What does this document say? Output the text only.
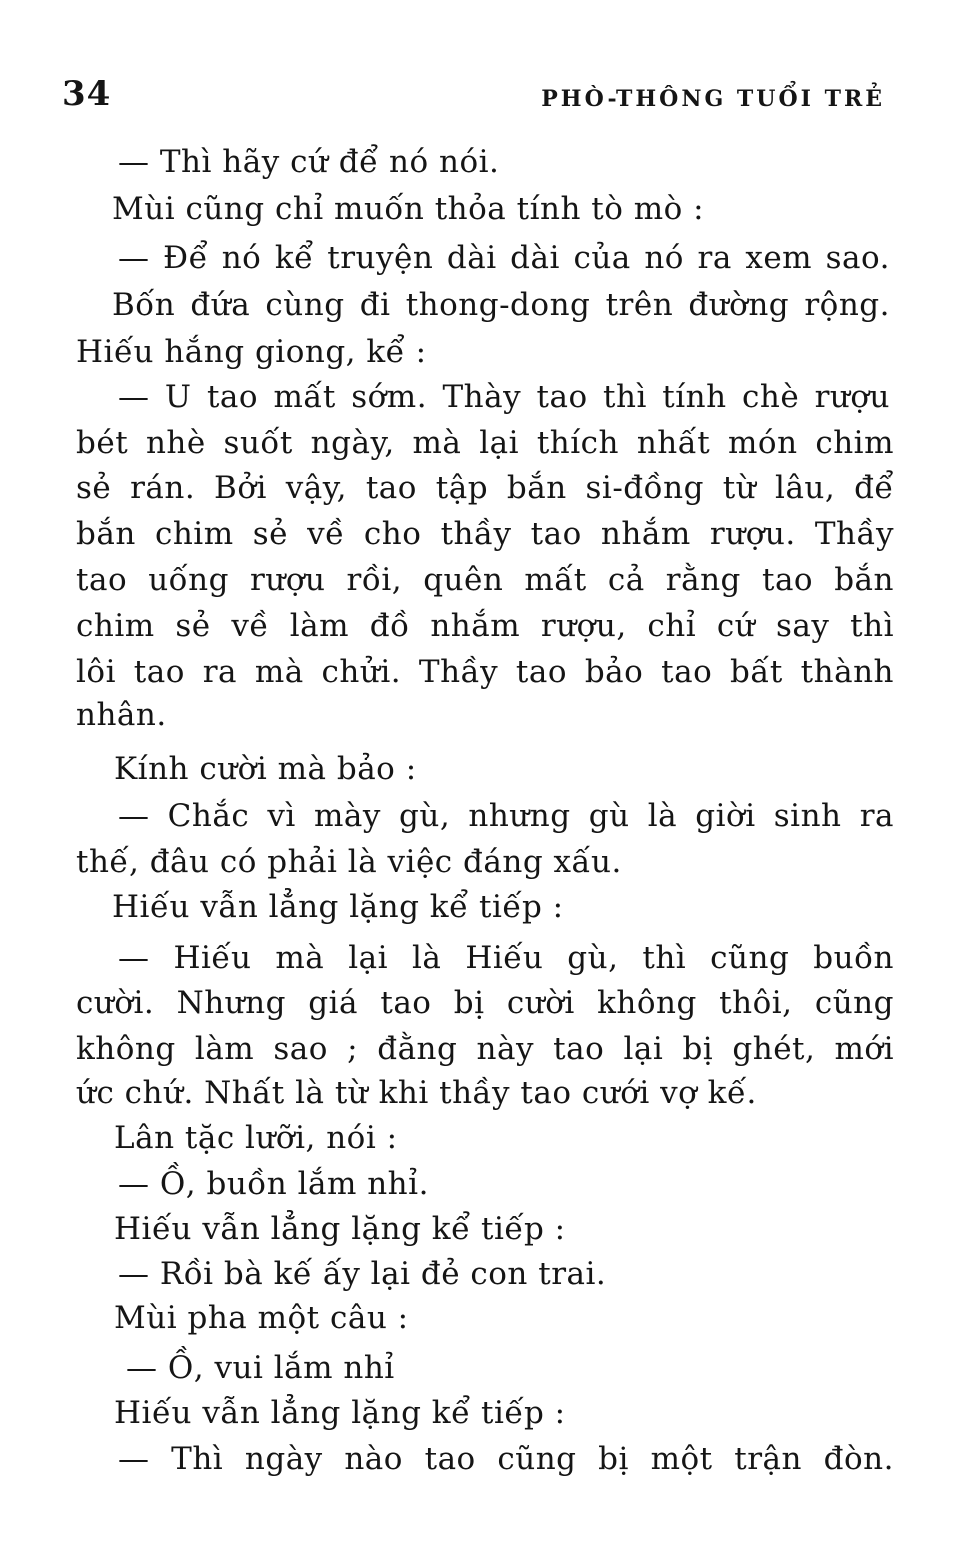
34	PHÒ-THÔNG TUỔI TRẺ
— Thì hãy cứ để nó nói.
Mùi cũng chỉ muốn thỏa tính tò mò :
— Để nó kể truyện dài dài của nó ra xem sao.
Bốn đứa cùng đi thong-dong trên đường rộng.
Hiếu hắng giong, kể :
— U tao mất sớm. Thày tao thì tính chè rượu
bét nhè suốt ngày, mà lại thích nhất món chim
sẻ rán. Bởi vậy, tao tập bắn si-đồng từ lâu, để
bắn chim sẻ về cho thầy tao nhắm rượu. Thầy
tao uống rượu rồi, quên mất cả rằng tao bắn
chim sẻ về làm đồ nhắm rượu, chỉ cứ say thì
lôi tao ra mà chửi. Thầy tao bảo tao bất thành
nhân.
Kính cười mà bảo :
— Chắc vì mày gù, nhưng gù là giời sinh ra
thế, đâu có phải là việc đáng xấu.
Hiếu vẫn lẳng lặng kể tiếp :
— Hiếu mà lại là Hiếu gù, thì cũng buồn
cười. Nhưng giá tao bị cười không thôi, cũng
không làm sao ; đằng này tao lại bị ghét, mới
ức chứ. Nhất là từ khi thầy tao cưới vợ kế.
Lân tặc lưỡi, nói :
— Ồ, buồn lắm nhỉ.
Hiếu vẫn lẳng lặng kể tiếp :
— Rồi bà kế ấy lại đẻ con trai.
Mùi pha một câu :
— Ồ, vui lắm nhỉ
Hiếu vẫn lẳng lặng kể tiếp :
— Thì ngày nào tao cũng bị một trận đòn.
